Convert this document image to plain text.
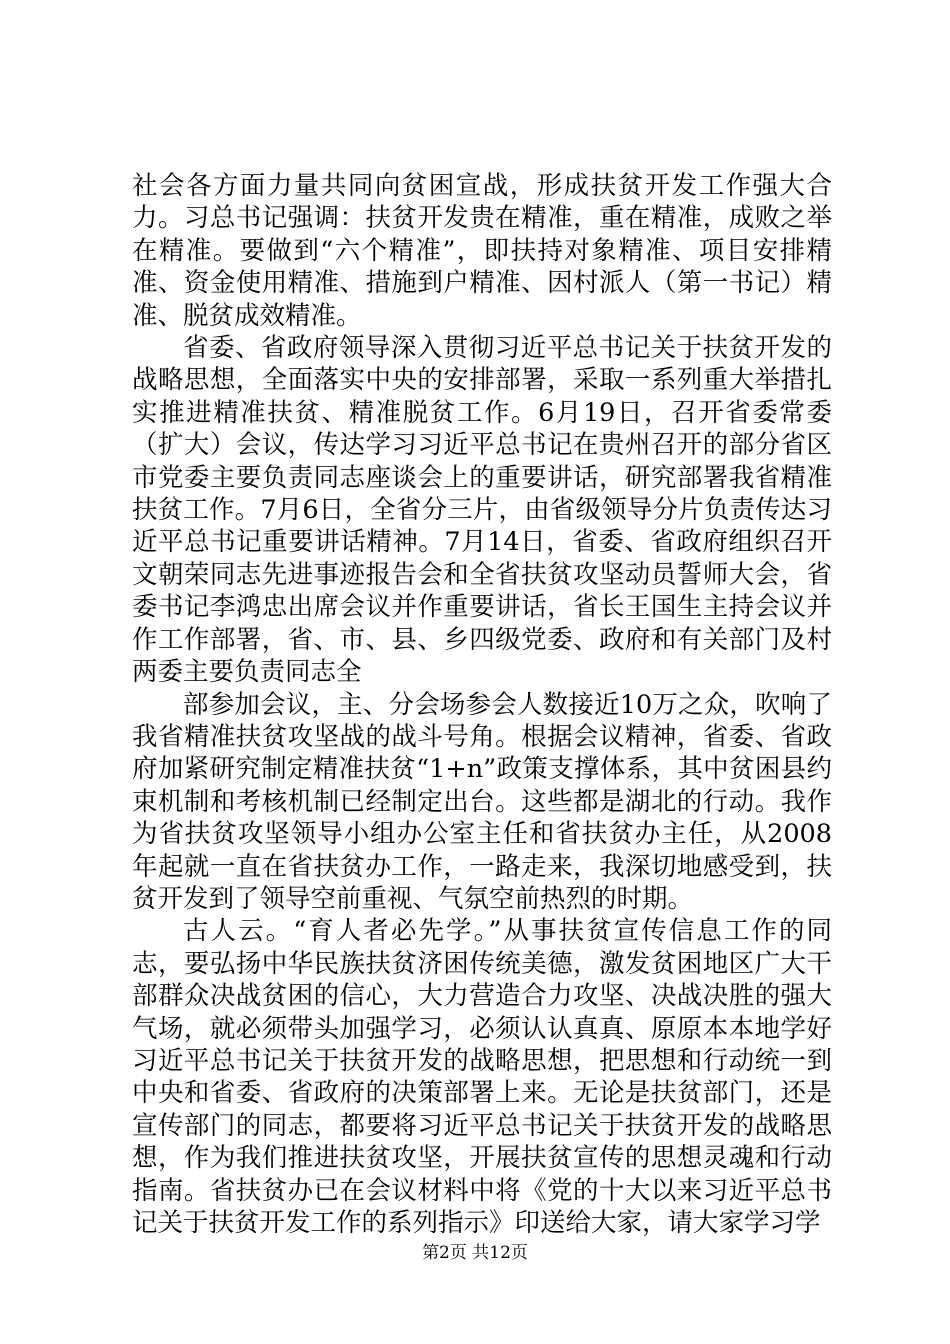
社会各方面力量共同向贫困宣战，形成扶贫开发工作强大合力。习总书记强调：扶贫开发贵在精准，重在精准，成败之举在精准。要做到“六个精准”，即扶持对象精准、项目安排精准、资金使用精准、措施到户精准、因村派人（第一书记）精准、脱贫成效精准。

省委、省政府领导深入贯彻习近平总书记关于扶贫开发的战略思想，全面落实中央的安排部署，采取一系列重大举措扎实推进精准扶贫、精准脱贫工作。6月19日，召开省委常委（扩大）会议，传达学习习近平总书记在贵州召开的部分省区市党委主要负责同志座谈会上的重要讲话，研究部署我省精准扶贫工作。7月6日，全省分三片，由省级领导分片负责传达习近平总书记重要讲话精神。7月14日，省委、省政府组织召开文朝荣同志先进事迹报告会和全省扶贫攻坚动员誓师大会，省委书记李鸿忠出席会议并作重要讲话，省长王国生主持会议并作工作部署，省、市、县、乡四级党委、政府和有关部门及村两委主要负责同志全

部参加会议，主、分会场参会人数接近10万之众，吹响了我省精准扶贫攻坚战的战斗号角。根据会议精神，省委、省政府加紧研究制定精准扶贫“1+n”政策支撑体系，其中贫困县约束机制和考核机制已经制定出台。这些都是湖北的行动。我作为省扶贫攻坚领导小组办公室主任和省扶贫办主任，从2008年起就一直在省扶贫办工作，一路走来，我深切地感受到，扶贫开发到了领导空前重视、气氛空前热烈的时期。

古人云。“育人者必先学。”从事扶贫宣传信息工作的同志，要弘扬中华民族扶贫济困传统美德，激发贫困地区广大干部群众决战贫困的信心，大力营造合力攻坚、决战决胜的强大气场，就必须带头加强学习，必须认认真真、原原本本地学好习近平总书记关于扶贫开发的战略思想，把思想和行动统一到中央和省委、省政府的决策部署上来。无论是扶贫部门，还是宣传部门的同志，都要将习近平总书记关于扶贫开发的战略思想，作为我们推进扶贫攻坚，开展扶贫宣传的思想灵魂和行动指南。省扶贫办已在会议材料中将《党的十大以来习近平总书记关于扶贫开发工作的系列指示》印送给大家，请大家学习学

第2页 共12页
